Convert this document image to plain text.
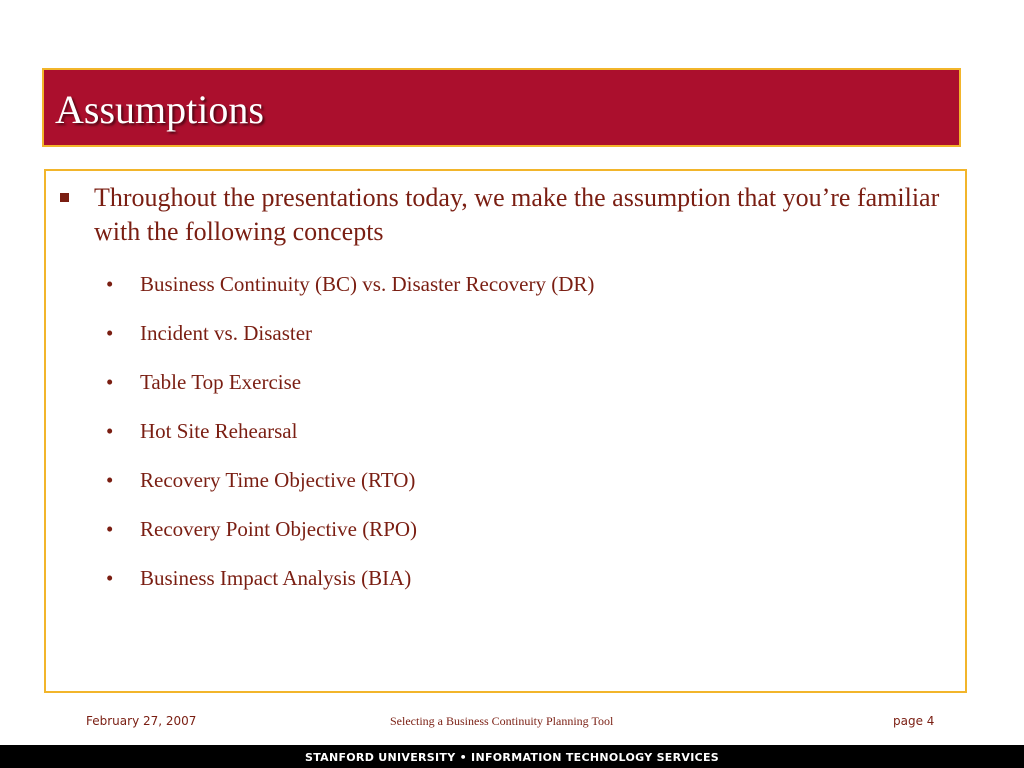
Assumptions
Throughout the presentations today, we make the assumption that you’re familiar with the following concepts
• Business Continuity (BC) vs. Disaster Recovery (DR)
• Incident vs. Disaster
• Table Top Exercise
• Hot Site Rehearsal
• Recovery Time Objective (RTO)
• Recovery Point Objective (RPO)
• Business Impact Analysis (BIA)
February 27, 2007	Selecting a Business Continuity Planning Tool	page 4
STANFORD UNIVERSITY • INFORMATION TECHNOLOGY SERVICES
